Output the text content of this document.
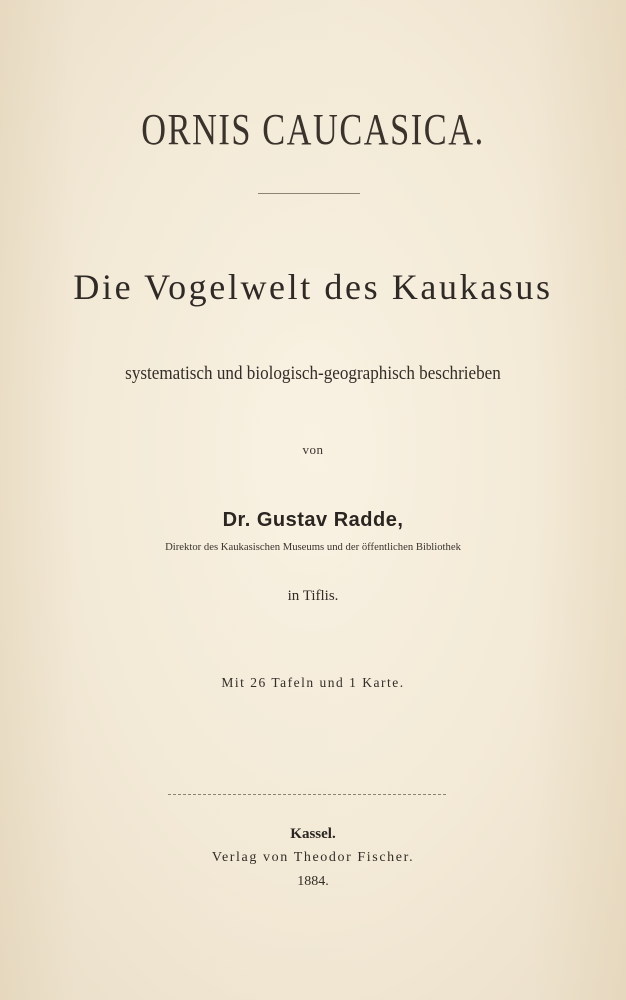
ORNIS CAUCASICA.
Die Vogelwelt des Kaukasus
systematisch und biologisch-geographisch beschrieben
von
Dr. Gustav Radde,
Direktor des Kaukasischen Museums und der öffentlichen Bibliothek
in Tiflis.
Mit 26 Tafeln und 1 Karte.
Kassel.
Verlag von Theodor Fischer.
1884.
